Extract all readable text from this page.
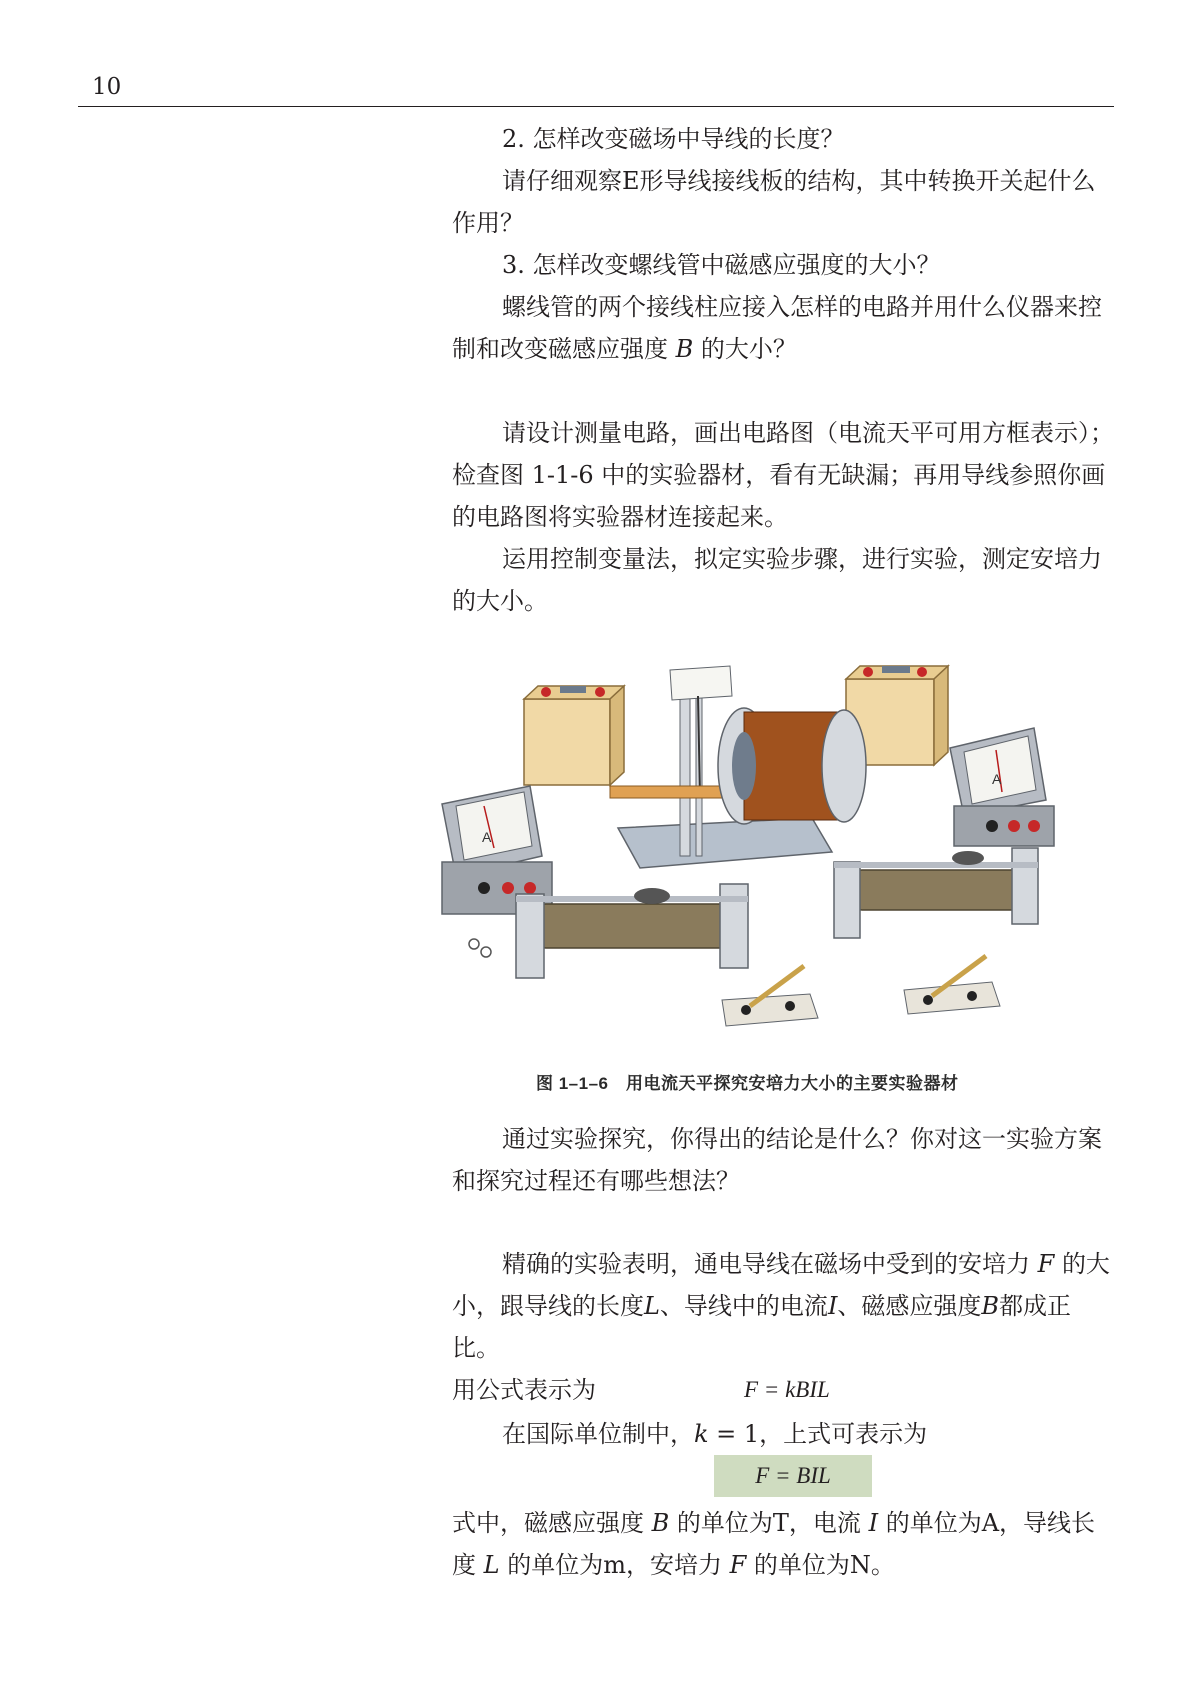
10

2. 怎样改变磁场中导线的长度？

请仔细观察E形导线接线板的结构，其中转换开关起什么
作用？

3. 怎样改变螺线管中磁感应强度的大小？

螺线管的两个接线柱应接入怎样的电路并用什么仪器来控
制和改变磁感应强度 B 的大小？

请设计测量电路，画出电路图（电流天平可用方框表示）；
检查图 1-1-6 中的实验器材，看有无缺漏；再用导线参照你画
的电路图将实验器材连接起来。

运用控制变量法，拟定实验步骤，进行实验，测定安培力
的大小。

A
A
图 1–1–6　用电流天平探究安培力大小的主要实验器材

通过实验探究，你得出的结论是什么？你对这一实验方案
和探究过程还有哪些想法？

精确的实验表明，通电导线在磁场中受到的安培力 F 的大
小，跟导线的长度L、导线中的电流I、磁感应强度B都成正比。
用公式表示为	F = kBIL

在国际单位制中，k = 1，上式可表示为

F = BIL

式中，磁感应强度 B 的单位为T，电流 I 的单位为A，导线长
度 L 的单位为m，安培力 F 的单位为N。
